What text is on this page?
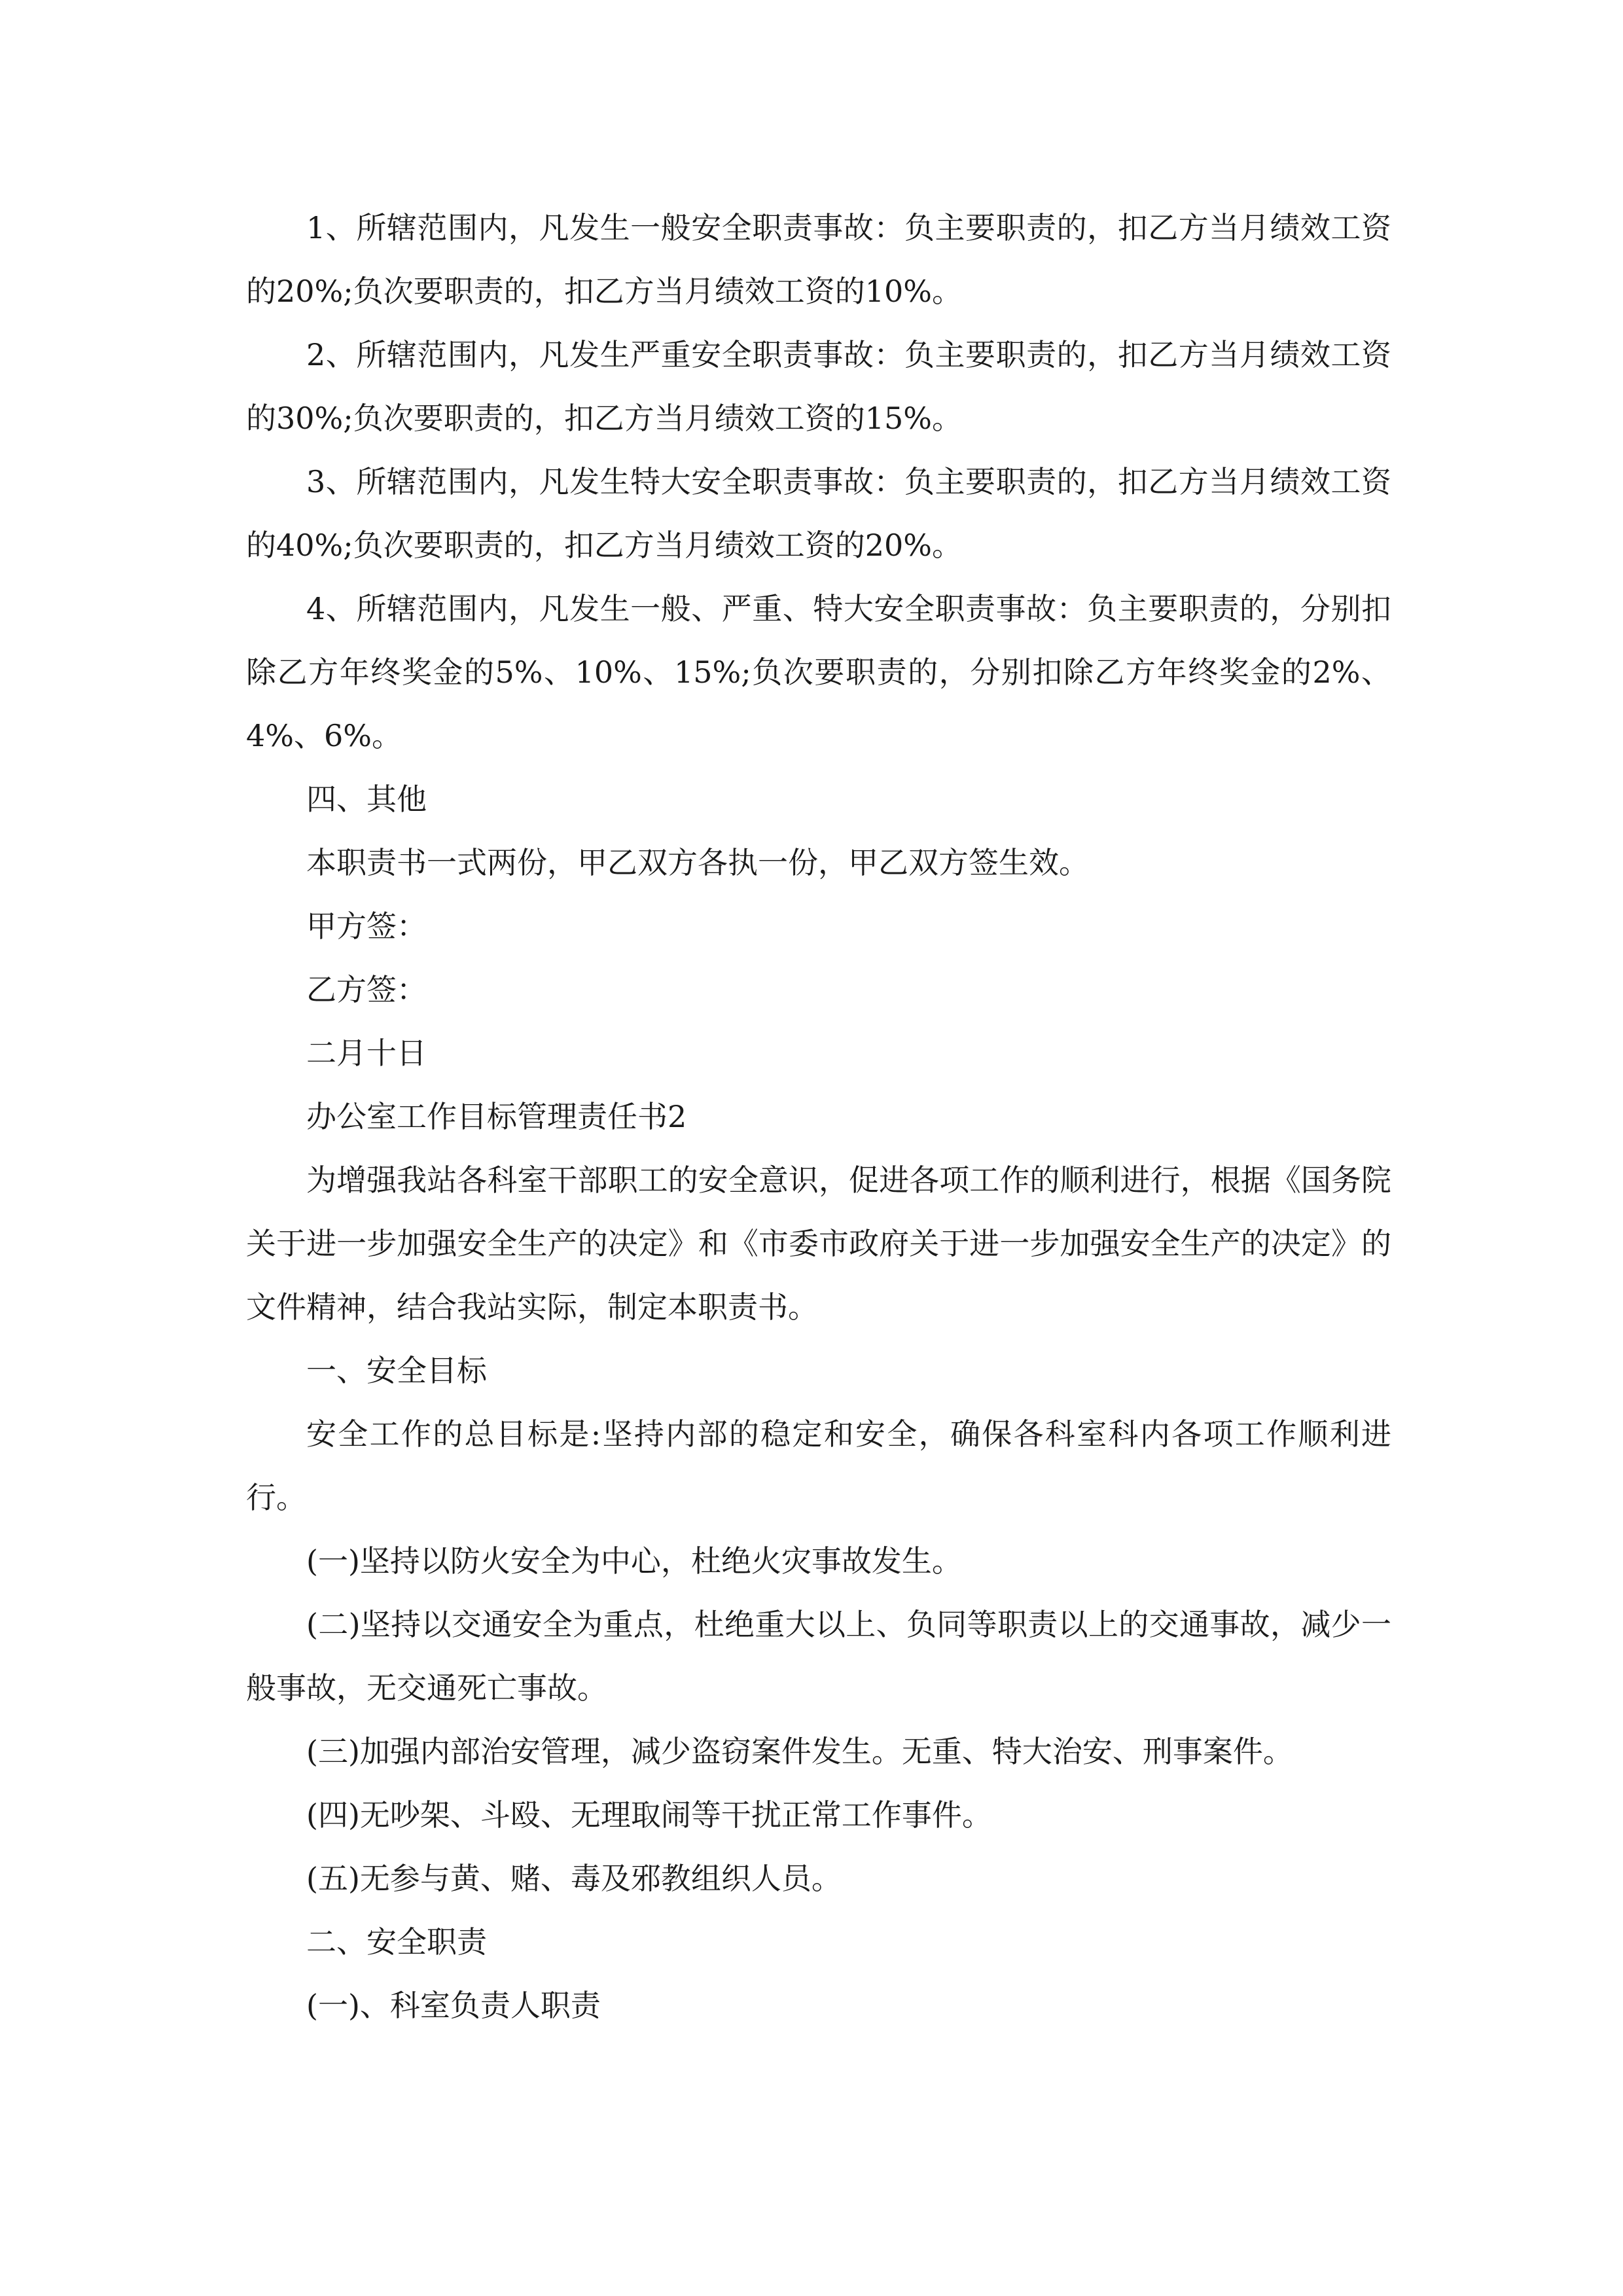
1、所辖范围内，凡发生一般安全职责事故：负主要职责的，扣乙方当月绩效工资的20%;负次要职责的，扣乙方当月绩效工资的10%。

2、所辖范围内，凡发生严重安全职责事故：负主要职责的，扣乙方当月绩效工资的30%;负次要职责的，扣乙方当月绩效工资的15%。

3、所辖范围内，凡发生特大安全职责事故：负主要职责的，扣乙方当月绩效工资的40%;负次要职责的，扣乙方当月绩效工资的20%。

4、所辖范围内，凡发生一般、严重、特大安全职责事故：负主要职责的，分别扣除乙方年终奖金的5%、10%、15%;负次要职责的，分别扣除乙方年终奖金的2%、4%、6%。

四、其他

本职责书一式两份，甲乙双方各执一份，甲乙双方签生效。

甲方签：

乙方签：

二月十日

办公室工作目标管理责任书2

为增强我站各科室干部职工的安全意识，促进各项工作的顺利进行，根据《国务院关于进一步加强安全生产的决定》和《市委市政府关于进一步加强安全生产的决定》的文件精神，结合我站实际，制定本职责书。

一、安全目标

安全工作的总目标是:坚持内部的稳定和安全，确保各科室科内各项工作顺利进行。

(一)坚持以防火安全为中心，杜绝火灾事故发生。

(二)坚持以交通安全为重点，杜绝重大以上、负同等职责以上的交通事故，减少一般事故，无交通死亡事故。

(三)加强内部治安管理，减少盗窃案件发生。无重、特大治安、刑事案件。

(四)无吵架、斗殴、无理取闹等干扰正常工作事件。

(五)无参与黄、赌、毒及邪教组织人员。

二、安全职责

(一)、科室负责人职责
